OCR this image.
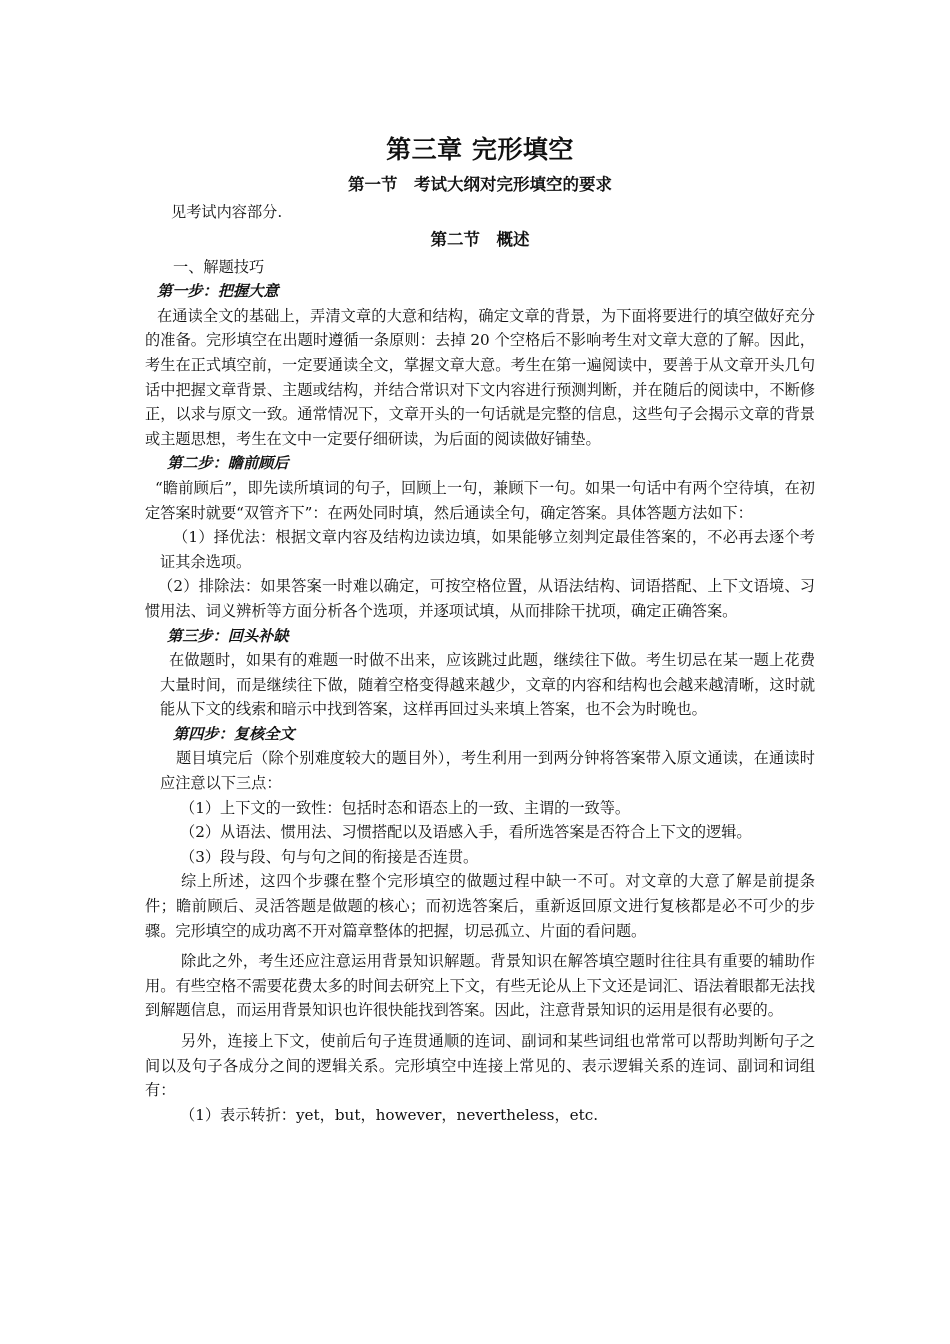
第三章 完形填空
第一节　考试大纲对完形填空的要求

见考试内容部分.

第二节　概述

一、解题技巧

第一步：把握大意

在通读全文的基础上，弄清文章的大意和结构，确定文章的背景，为下面将要进行的填空做好充分的准备。完形填空在出题时遵循一条原则：去掉 20 个空格后不影响考生对文章大意的了解。因此，考生在正式填空前，一定要通读全文，掌握文章大意。考生在第一遍阅读中，要善于从文章开头几句话中把握文章背景、主题或结构，并结合常识对下文内容进行预测判断，并在随后的阅读中，不断修正，以求与原文一致。通常情况下，文章开头的一句话就是完整的信息，这些句子会揭示文章的背景或主题思想，考生在文中一定要仔细研读，为后面的阅读做好铺垫。

第二步：瞻前顾后

“瞻前顾后”，即先读所填词的句子，回顾上一句，兼顾下一句。如果一句话中有两个空待填，在初定答案时就要“双管齐下”：在两处同时填，然后通读全句，确定答案。具体答题方法如下：

（1）择优法：根据文章内容及结构边读边填，如果能够立刻判定最佳答案的，不必再去逐个考证其余选项。

（2）排除法：如果答案一时难以确定，可按空格位置，从语法结构、词语搭配、上下文语境、习惯用法、词义辨析等方面分析各个选项，并逐项试填，从而排除干扰项，确定正确答案。

第三步：回头补缺

在做题时，如果有的难题一时做不出来，应该跳过此题，继续往下做。考生切忌在某一题上花费大量时间，而是继续往下做，随着空格变得越来越少，文章的内容和结构也会越来越清晰，这时就能从下文的线索和暗示中找到答案，这样再回过头来填上答案，也不会为时晚也。

第四步：复核全文

题目填完后（除个别难度较大的题目外），考生利用一到两分钟将答案带入原文通读，在通读时应注意以下三点：

（1）上下文的一致性：包括时态和语态上的一致、主谓的一致等。

（2）从语法、惯用法、习惯搭配以及语感入手，看所选答案是否符合上下文的逻辑。

（3）段与段、句与句之间的衔接是否连贯。

综上所述，这四个步骤在整个完形填空的做题过程中缺一不可。对文章的大意了解是前提条件；瞻前顾后、灵活答题是做题的核心；而初选答案后，重新返回原文进行复核都是必不可少的步骤。完形填空的成功离不开对篇章整体的把握，切忌孤立、片面的看问题。

除此之外，考生还应注意运用背景知识解题。背景知识在解答填空题时往往具有重要的辅助作用。有些空格不需要花费太多的时间去研究上下文，有些无论从上下文还是词汇、语法着眼都无法找到解题信息，而运用背景知识也许很快能找到答案。因此，注意背景知识的运用是很有必要的。

另外，连接上下文，使前后句子连贯通顺的连词、副词和某些词组也常常可以帮助判断句子之间以及句子各成分之间的逻辑关系。完形填空中连接上常见的、表示逻辑关系的连词、副词和词组有：

（1）表示转折：yet，but，however，nevertheless，etc.
